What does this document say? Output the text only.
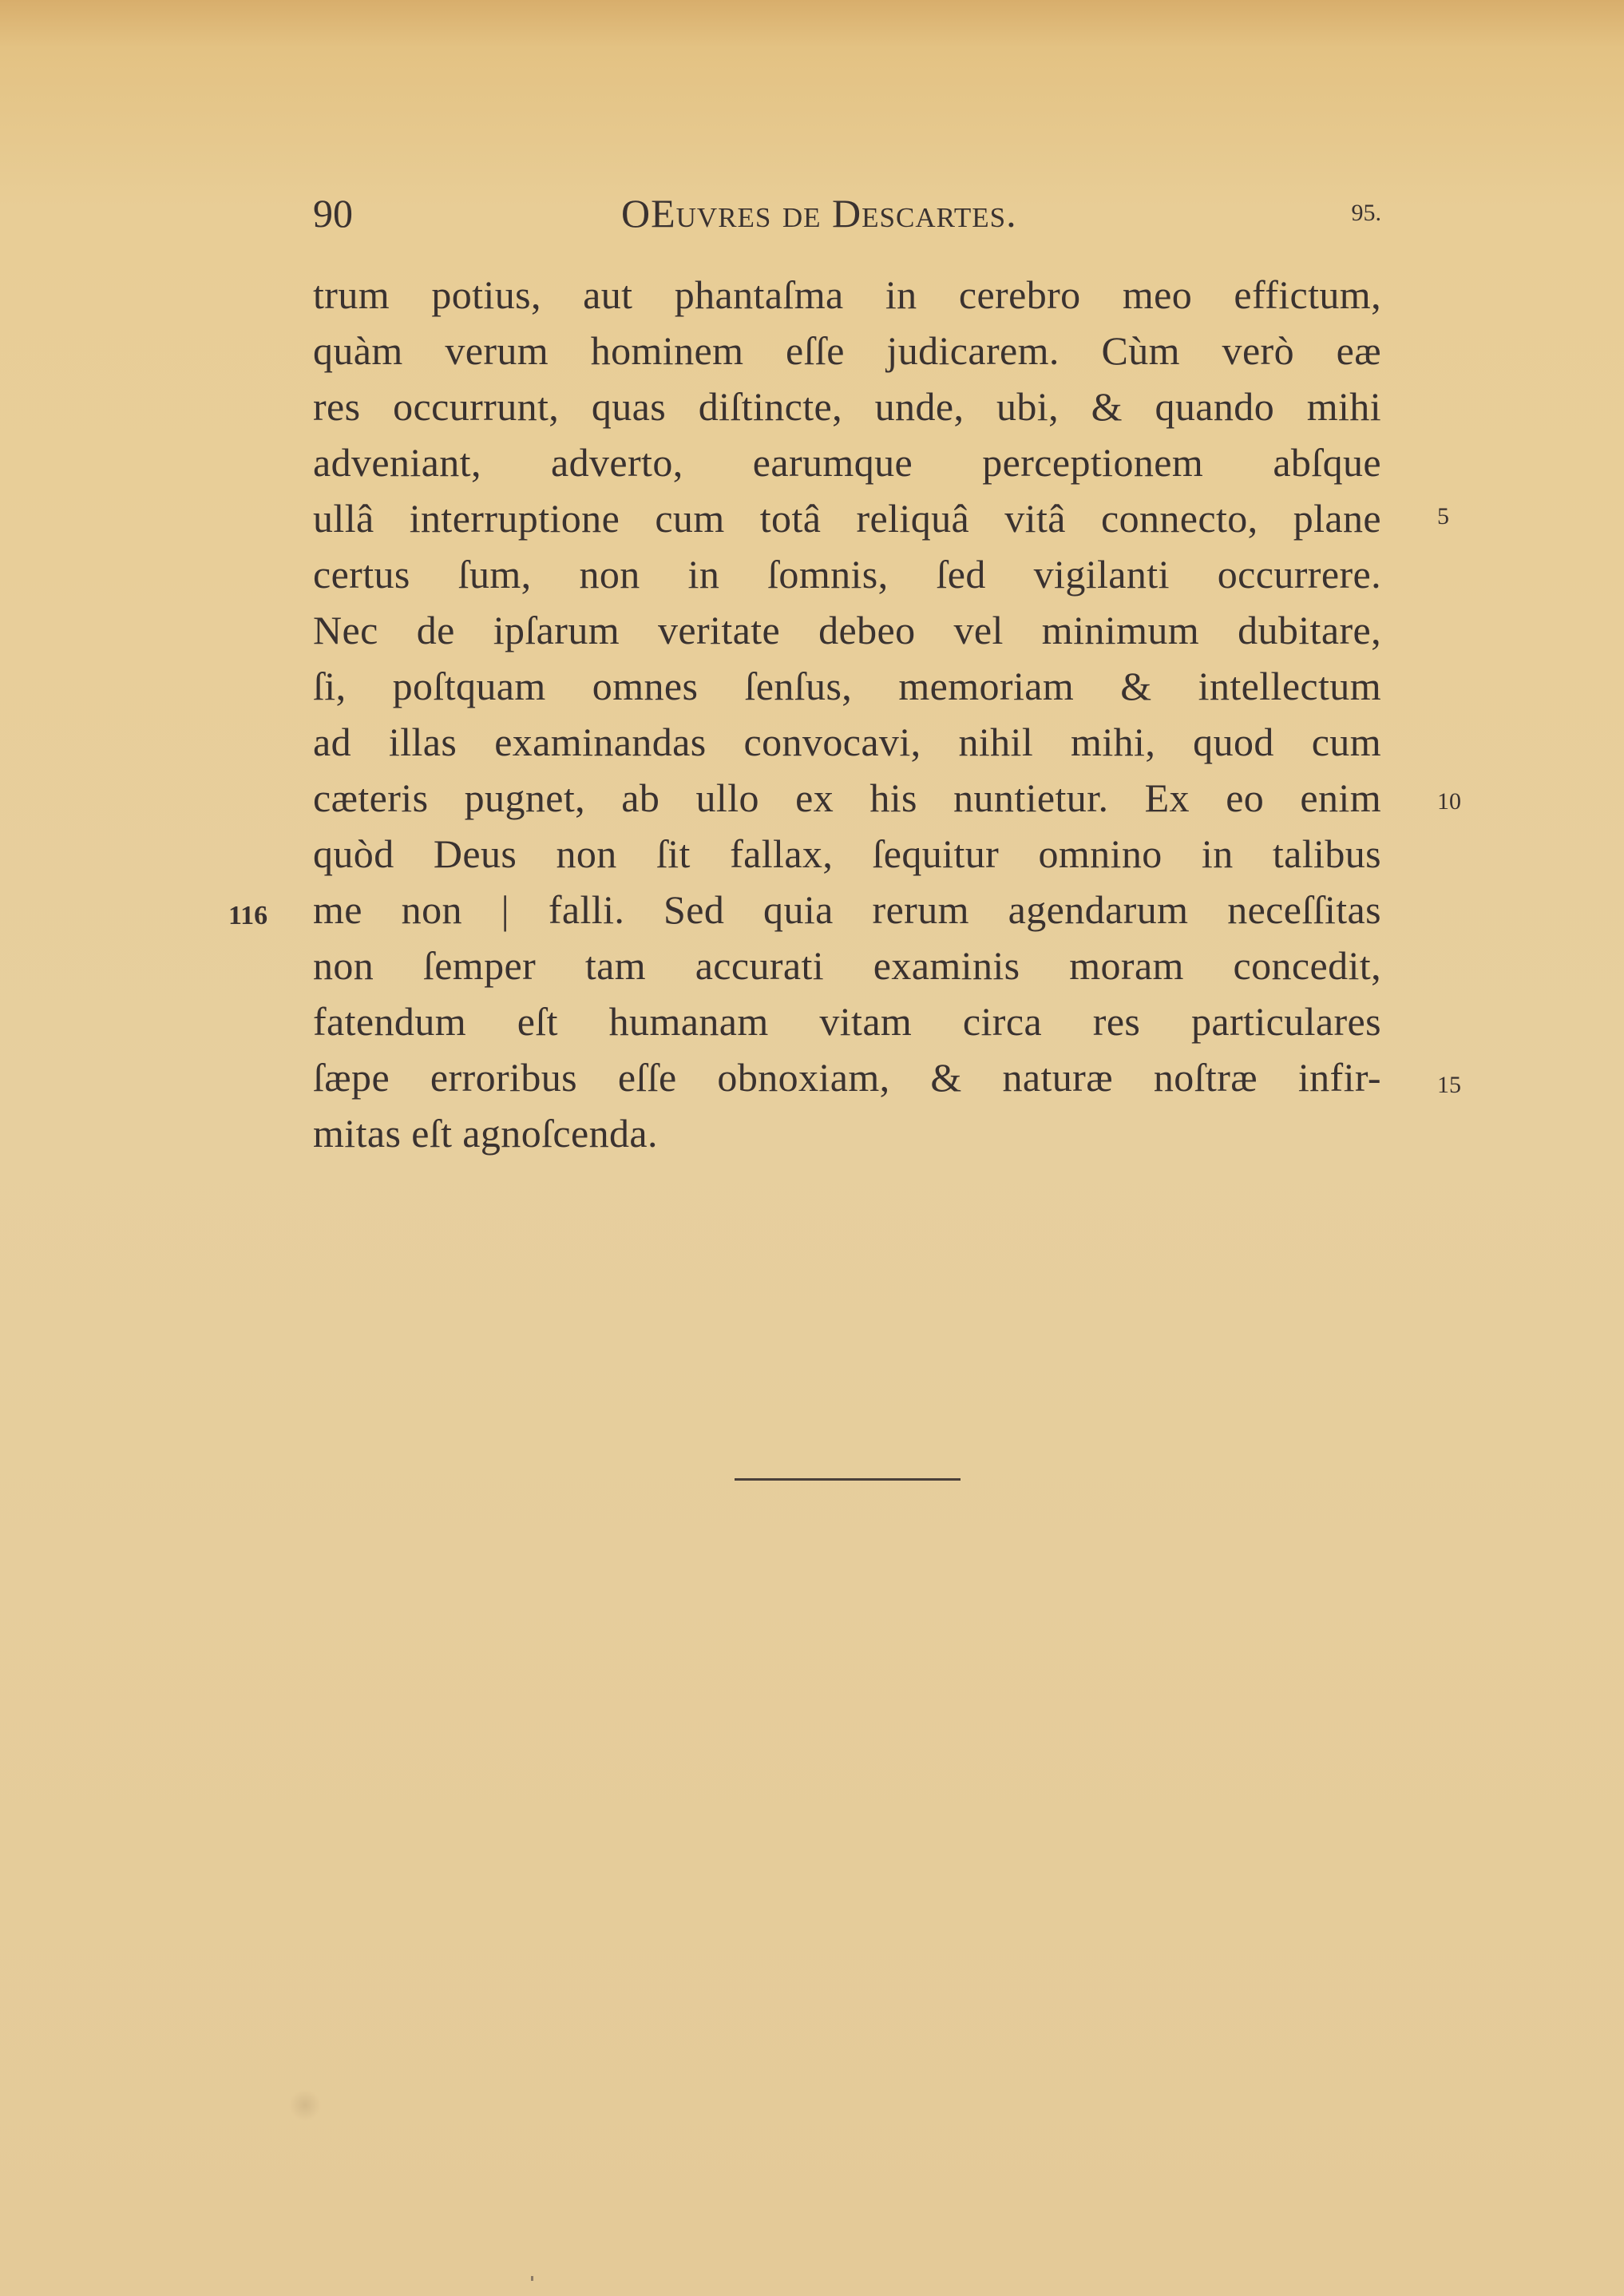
90	OEuvres de Descartes.	95.
trum potius, aut phantaſma in cerebro meo effictum,
quàm verum hominem eſſe judicarem. Cùm verò eæ
res occurrunt, quas diſtincte, unde, ubi, & quando mihi
adveniant, adverto, earumque perceptionem abſque
ullâ interruptione cum totâ reliquâ vitâ connecto, plane
certus ſum, non in ſomnis, ſed vigilanti occurrere.
Nec de ipſarum veritate debeo vel minimum dubitare,
ſi, poſtquam omnes ſenſus, memoriam & intellectum
ad illas examinandas convocavi, nihil mihi, quod cum
cæteris pugnet, ab ullo ex his nuntietur. Ex eo enim
quòd Deus non ſit fallax, ſequitur omnino in talibus
me non | falli. Sed quia rerum agendarum neceſſitas
non ſemper tam accurati examinis moram concedit,
fatendum eſt humanam vitam circa res particulares
ſæpe erroribus eſſe obnoxiam, & naturæ noſtræ infir-
mitas eſt agnoſcenda.
5
10
15
116
